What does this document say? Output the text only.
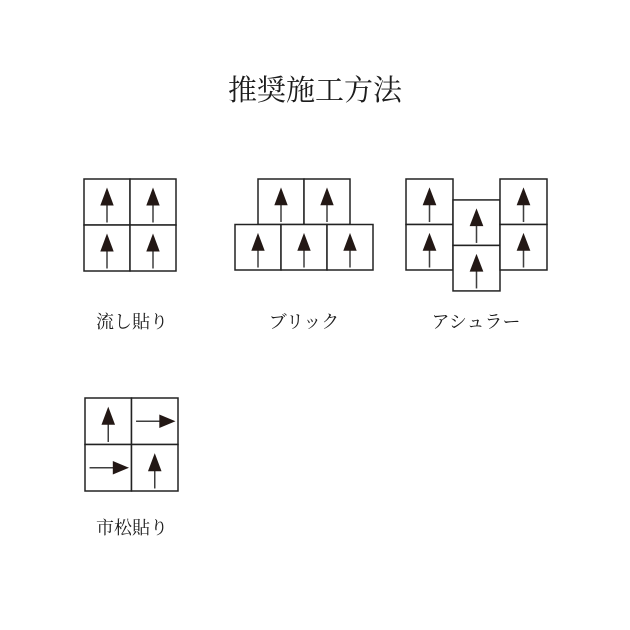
推奨施工方法
流し貼り	ブリック	アシュラー
市松貼り
